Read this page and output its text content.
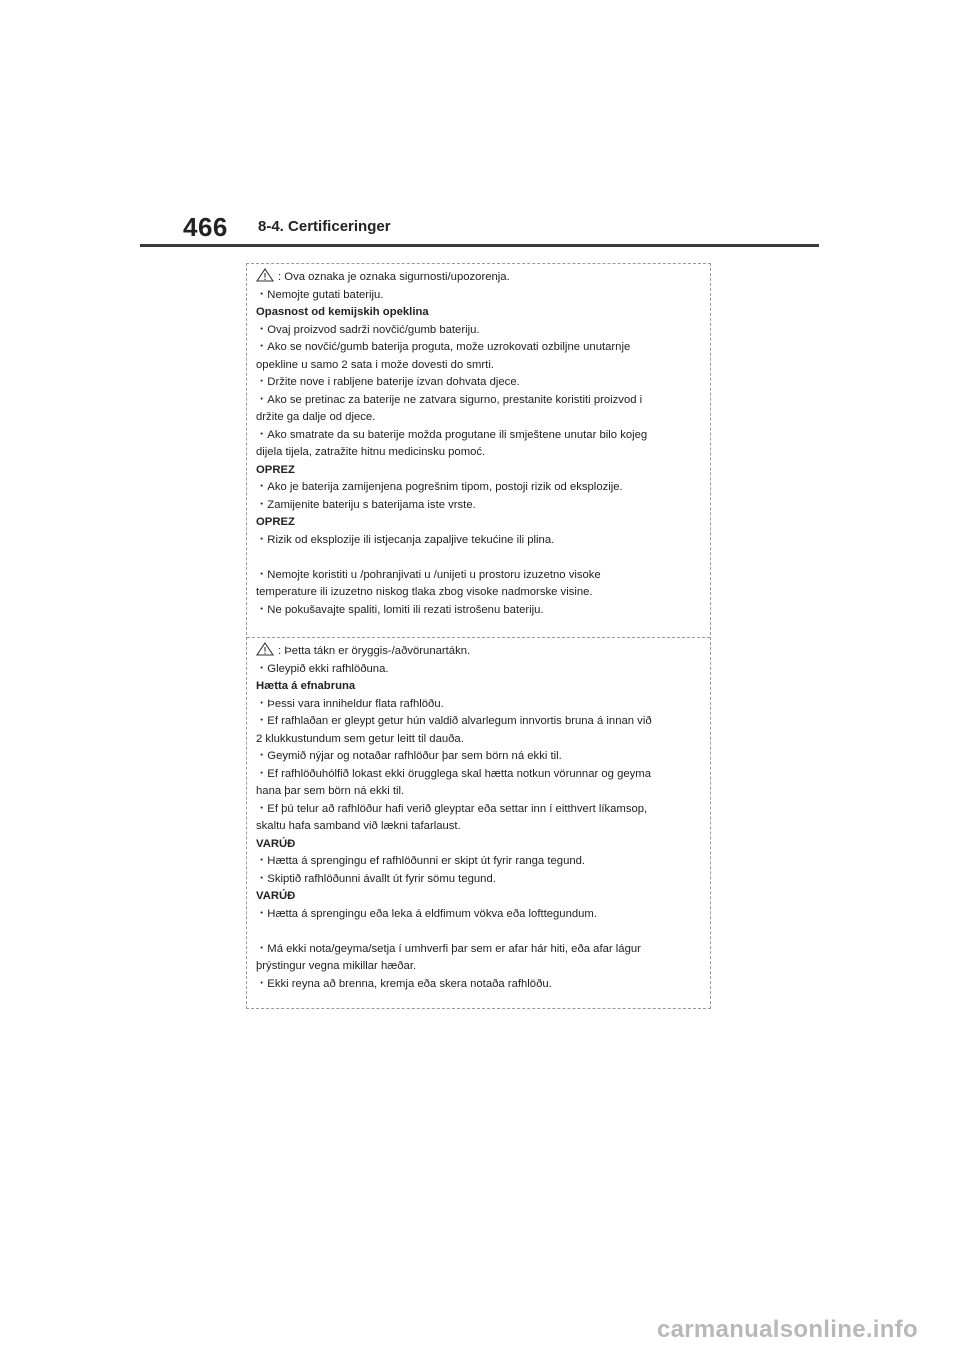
466 8-4. Certificeringer
: Ova oznaka je oznaka sigurnosti/upozorenja.
・Nemojte gutati bateriju.
Opasnost od kemijskih opeklina
・Ovaj proizvod sadrži novčić/gumb bateriju.
・Ako se novčić/gumb baterija proguta, može uzrokovati ozbiljne unutarnje
opekline u samo 2 sata i može dovesti do smrti.
・Držite nove i rabljene baterije izvan dohvata djece.
・Ako se pretinac za baterije ne zatvara sigurno, prestanite koristiti proizvod i
držite ga dalje od djece.
・Ako smatrate da su baterije možda progutane ili smještene unutar bilo kojeg
dijela tijela, zatražite hitnu medicinsku pomoć.
OPREZ
・Ako je baterija zamijenjena pogrešnim tipom, postoji rizik od eksplozije.
・Zamijenite bateriju s baterijama iste vrste.
OPREZ
・Rizik od eksplozije ili istjecanja zapaljive tekućine ili plina.
・Nemojte koristiti u /pohranjivati u /unijeti u prostoru izuzetno visoke
temperature ili izuzetno niskog tlaka zbog visoke nadmorske visine.
・Ne pokušavajte spaliti, lomiti ili rezati istrošenu bateriju.
: Þetta tákn er öryggis-/aðvörunartákn.
・Gleypið ekki rafhlöðuna.
Hætta á efnabruna
・Þessi vara inniheldur flata rafhlöðu.
・Ef rafhlaðan er gleypt getur hún valdið alvarlegum innvortis bruna á innan við
2 klukkustundum sem getur leitt til dauða.
・Geymið nýjar og notaðar rafhlöður þar sem börn ná ekki til.
・Ef rafhlöðuhólfið lokast ekki örugglega skal hætta notkun vörunnar og geyma
hana þar sem börn ná ekki til.
・Ef þú telur að rafhlöður hafi verið gleyptar eða settar inn í eitthvert líkamsop,
skaltu hafa samband við lækni tafarlaust.
VARÚÐ
・Hætta á sprengingu ef rafhlöðunni er skipt út fyrir ranga tegund.
・Skiptið rafhlöðunni ávallt út fyrir sömu tegund.
VARÚÐ
・Hætta á sprengingu eða leka á eldfimum vökva eða lofttegundum.
・Má ekki nota/geyma/setja í umhverfi þar sem er afar hár hiti, eða afar lágur
þrýstingur vegna mikillar hæðar.
・Ekki reyna að brenna, kremja eða skera notaða rafhlöðu.
carmanualsonline.info
